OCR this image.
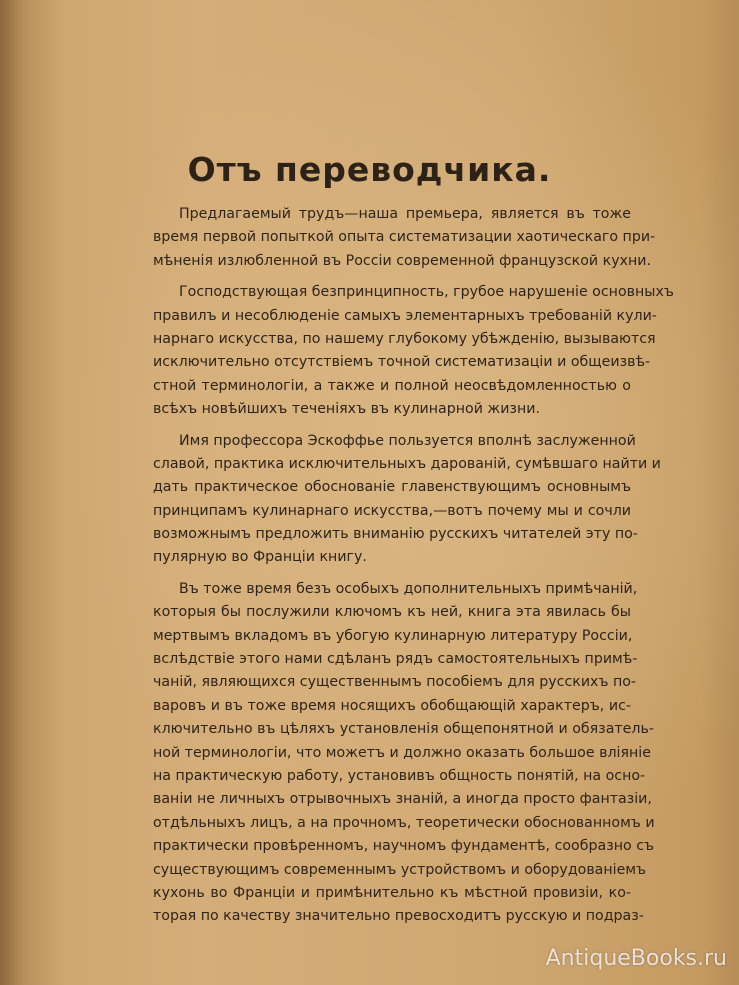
Отъ переводчика.
Предлагаемый трудъ—наша премьера, является въ тоже
время первой попыткой опыта систематизации хаотическаго при-
мѣненія излюбленной въ Россіи современной французской кухни.
Господствующая безпринципность, грубое нарушеніе основныхъ
правилъ и несоблюденіе самыхъ элементарныхъ требованій кули-
нарнаго искусства, по нашему глубокому убѣжденію, вызываются
исключительно отсутствіемъ точной систематизаціи и общеизвѣ-
стной терминологіи, а также и полной неосвѣдомленностью о
всѣхъ новѣйшихъ теченіяхъ въ кулинарной жизни.
Имя профессора Эскоффье пользуется вполнѣ заслуженной
славой, практика исключительныхъ дарованій, сумѣвшаго найти и
дать практическое обоснованіе главенствующимъ основнымъ
принципамъ кулинарнаго искусства,—вотъ почему мы и сочли
возможнымъ предложить вниманію русскихъ читателей эту по-
пулярную во Франціи книгу.
Въ тоже время безъ особыхъ дополнительныхъ примѣчаній,
которыя бы послужили ключомъ къ ней, книга эта явилась бы
мертвымъ вкладомъ въ убогую кулинарную литературу Россіи,
вслѣдствіе этого нами сдѣланъ рядъ самостоятельныхъ примѣ-
чаній, являющихся существеннымъ пособіемъ для русскихъ по-
варовъ и въ тоже время носящихъ обобщающій характеръ, ис-
ключительно въ цѣляхъ установленія общепонятной и обязатель-
ной терминологіи, что можетъ и должно оказать большое вліяніе
на практическую работу, установивъ общность понятій, на осно-
ваніи не личныхъ отрывочныхъ знаній, а иногда просто фантазіи,
отдѣльныхъ лицъ, а на прочномъ, теоретически обоснованномъ и
практически провѣренномъ, научномъ фундаментѣ, сообразно съ
существующимъ современнымъ устройствомъ и оборудованіемъ
кухонь во Франціи и примѣнительно къ мѣстной провизіи, ко-
торая по качеству значительно превосходитъ русскую и подраз-
AntiqueBooks.ru
